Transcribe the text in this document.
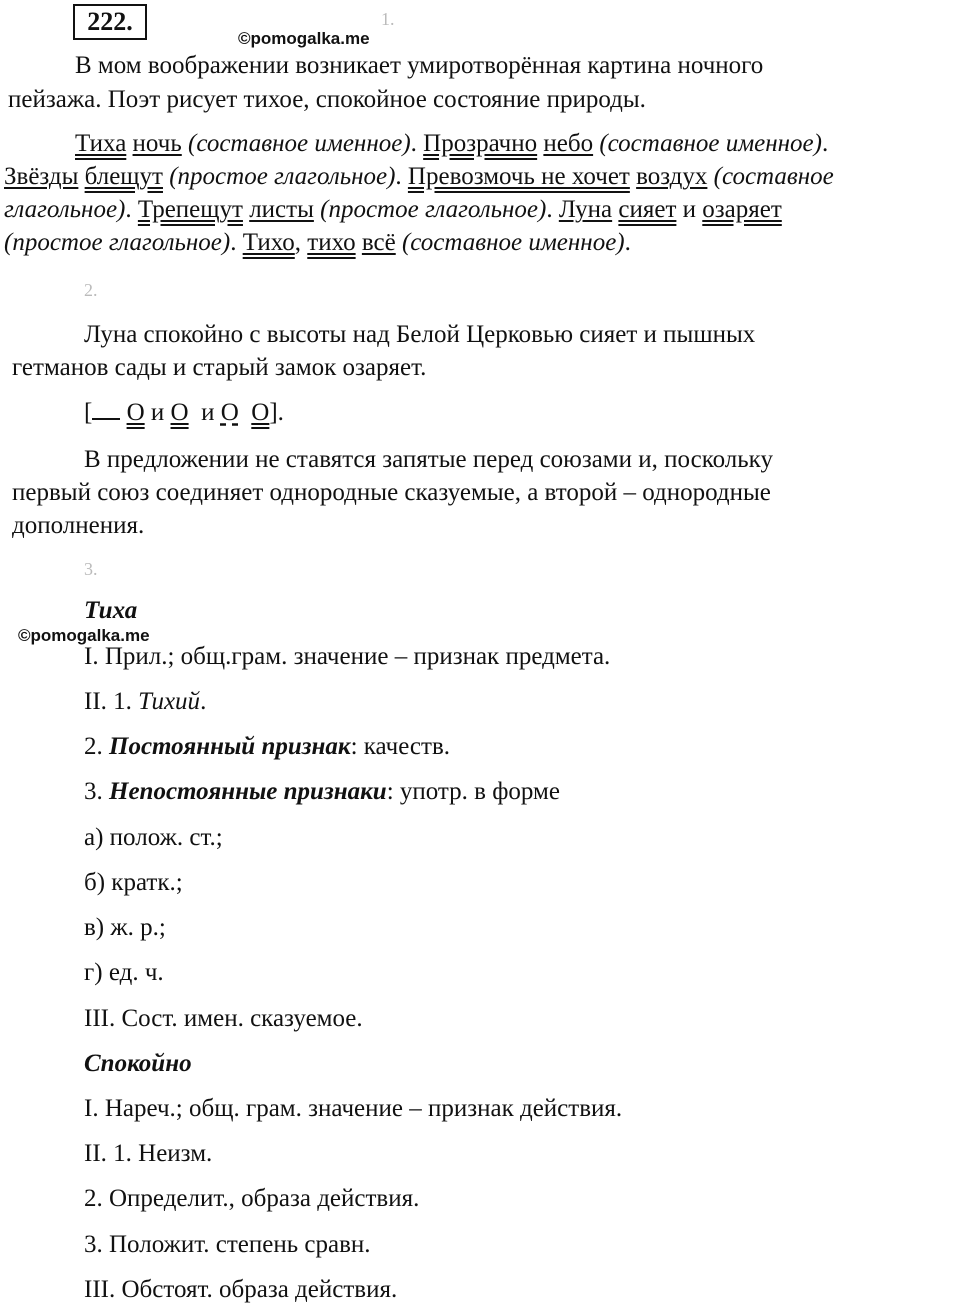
222.	1.
©pomogalka.me
В мом воображении возникает умиротворённая картина ночного
пейзажа. Поэт рисует тихое, спокойное состояние природы.
Тиха ночь (составное именное). Прозрачно небо (составное именное).
Звёзды блещут (простое глагольное). Превозмочь не хочет воздух (составное
глагольное). Трепещут листы (простое глагольное). Луна сияет и озаряет
(простое глагольное). Тихо, тихо всё (составное именное).
2.
Луна спокойно с высоты над Белой Церковью сияет и пышных
гетманов сады и старый замок озаряет.
[ О и О и О О].
В предложении не ставятся запятые перед союзами и, поскольку
первый союз соединяет однородные сказуемые, а второй – однородные
дополнения.
3.
Тиха
©pomogalka.me
I. Прил.; общ.грам. значение – признак предмета.
II. 1. Тихий.
2. Постоянный признак: качеств.
3. Непостоянные признаки: употр. в форме
а) полож. ст.;
б) кратк.;
в) ж. р.;
г) ед. ч.
III. Сост. имен. сказуемое.
Спокойно
I. Нареч.; общ. грам. значение – признак действия.
II. 1. Неизм.
2. Определит., образа действия.
3. Положит. степень сравн.
III. Обстоят. образа действия.
